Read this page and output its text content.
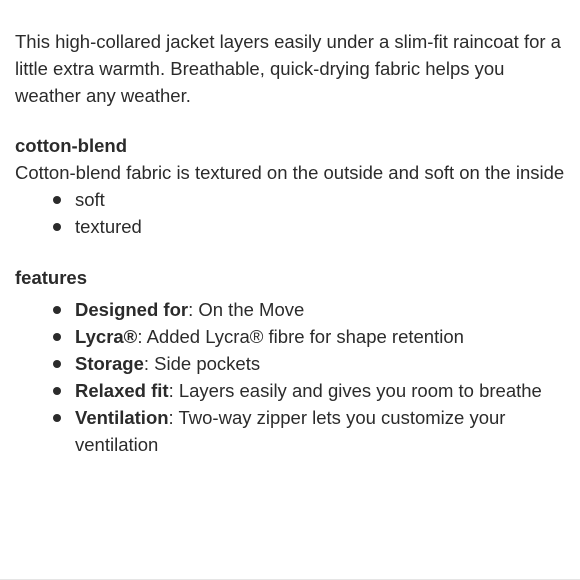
This high-collared jacket layers easily under a slim-fit raincoat for a little extra warmth. Breathable, quick-drying fabric helps you weather any weather.

cotton-blend

Cotton-blend fabric is textured on the outside and soft on the inside

soft
textured
features
Designed for: On the Move
Lycra®: Added Lycra® fibre for shape retention
Storage: Side pockets
Relaxed fit: Layers easily and gives you room to breathe
Ventilation: Two-way zipper lets you customize your ventilation
